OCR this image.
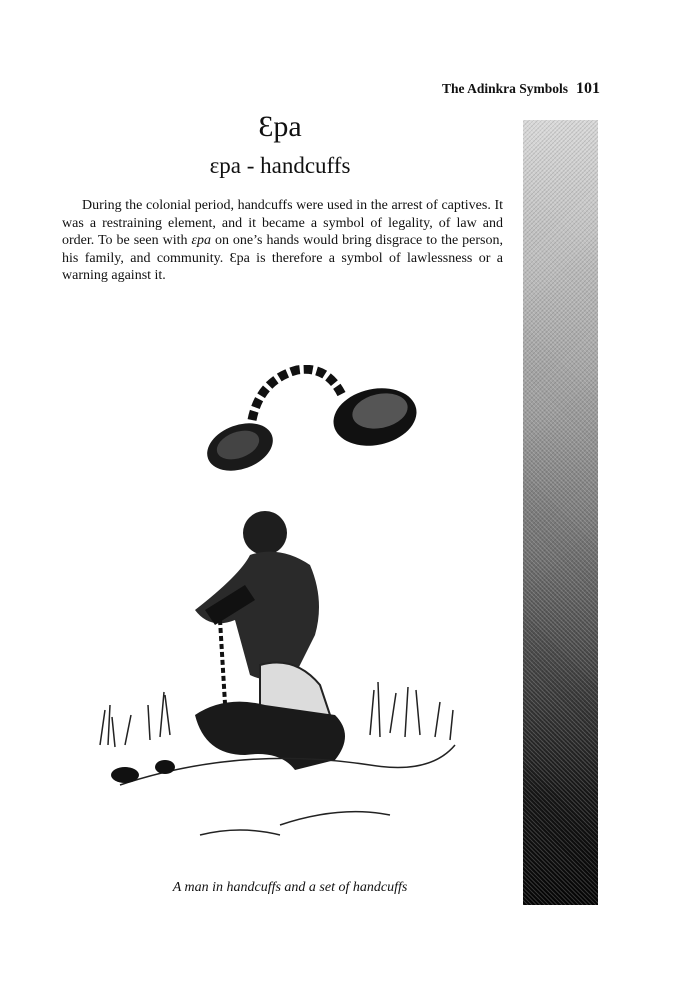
The Adinkra Symbols 101
Ɛpa
ɛpa - handcuffs

During the colonial period, handcuffs were used in the arrest of captives. It was a restraining element, and it became a symbol of legality, of law and order. To be seen with ɛpa on one’s hands would bring disgrace to the person, his family, and community. Ɛpa is therefore a symbol of lawlessness or a warning against it.

A man in handcuffs and a set of handcuffs
